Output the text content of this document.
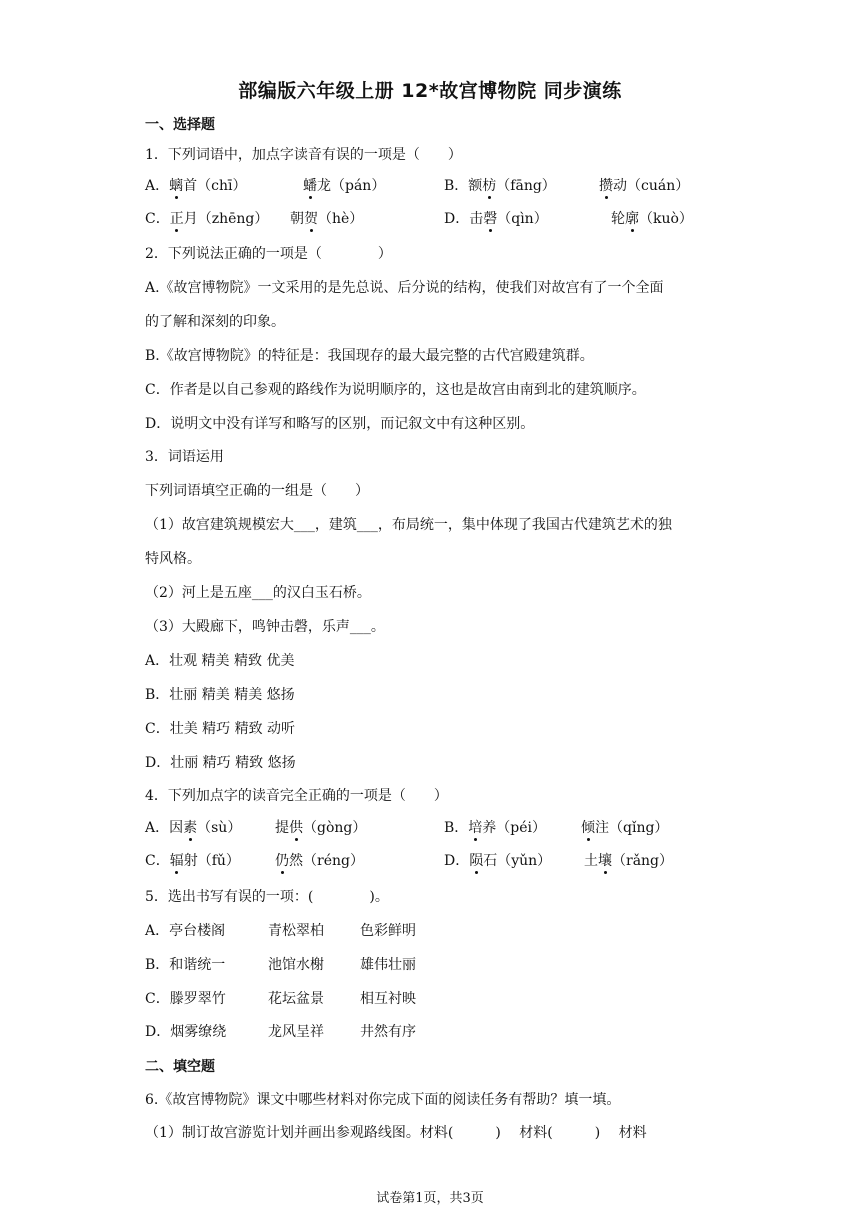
部编版六年级上册 12*故宫博物院 同步演练
一、选择题
1．下列词语中，加点字读音有误的一项是（　　）
A．螭首（chī）	蟠龙（pán）	B．额枋（fāng）	攒动（cuán）
C．正月（zhēng） 朝贺（hè）	D．击磬（qìn）	轮廓（kuò）
2．下列说法正确的一项是（　　　　）
A.《故宫博物院》一文采用的是先总说、后分说的结构，使我们对故宫有了一个全面
的了解和深刻的印象。
B.《故宫博物院》的特征是：我国现存的最大最完整的古代宫殿建筑群。
C．作者是以自己参观的路线作为说明顺序的，这也是故宫由南到北的建筑顺序。
D．说明文中没有详写和略写的区别，而记叙文中有这种区别。
3．词语运用
下列词语填空正确的一组是（　　）
（1）故宫建筑规模宏大___，建筑___，布局统一，集中体现了我国古代建筑艺术的独
特风格。
（2）河上是五座___的汉白玉石桥。
（3）大殿廊下，鸣钟击磬，乐声___。
A．壮观 精美 精致 优美
B．壮丽 精美 精美 悠扬
C．壮美 精巧 精致 动听
D．壮丽 精巧 精致 悠扬
4．下列加点字的读音完全正确的一项是（　　）
A．因素（sù） 提供（gòng）	B．培养（péi） 倾注（qǐng）
C．辐射（fǔ）	仍然（réng）	D．陨石（yǔn） 土壤（rǎng）
5．选出书写有误的一项：(　　　　)。
A．亭台楼阁	青松翠柏	色彩鲜明
B．和谐统一	池馆水榭	雄伟壮丽
C．滕罗翠竹	花坛盆景	相互衬映
D．烟雾缭绕	龙风呈祥	井然有序
二、填空题
6.《故宫博物院》课文中哪些材料对你完成下面的阅读任务有帮助？填一填。
（1）制订故宫游览计划并画出参观路线图。材料(　　　)　 材料(　　　)　 材料
试卷第1页，共3页
